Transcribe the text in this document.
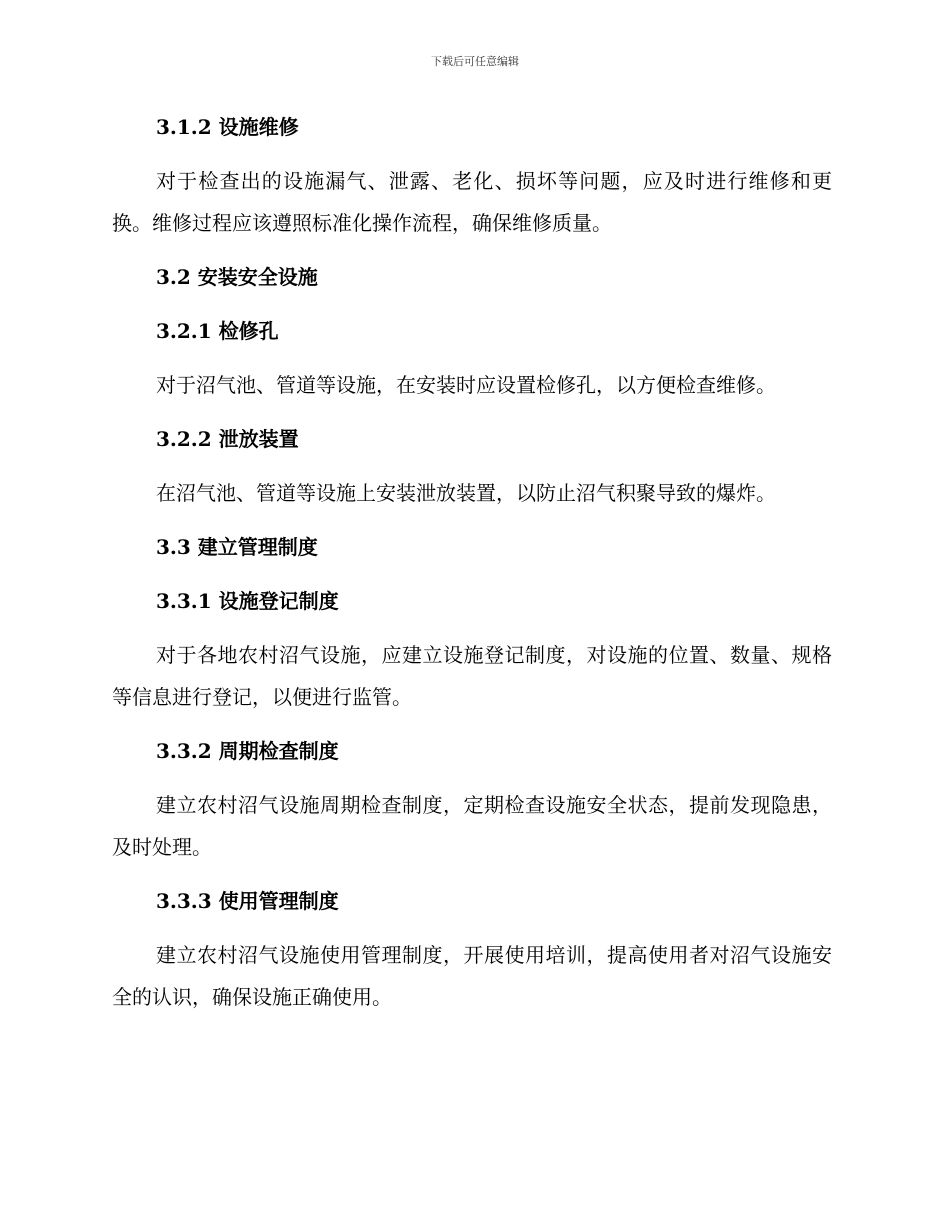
下载后可任意编辑
3.1.2 设施维修
对于检查出的设施漏气、泄露、老化、损坏等问题，应及时进行维修和更换。维修过程应该遵照标准化操作流程，确保维修质量。
3.2 安装安全设施
3.2.1 检修孔
对于沼气池、管道等设施，在安装时应设置检修孔，以方便检查维修。
3.2.2 泄放装置
在沼气池、管道等设施上安装泄放装置，以防止沼气积聚导致的爆炸。
3.3 建立管理制度
3.3.1 设施登记制度
对于各地农村沼气设施，应建立设施登记制度，对设施的位置、数量、规格等信息进行登记，以便进行监管。
3.3.2 周期检查制度
建立农村沼气设施周期检查制度，定期检查设施安全状态，提前发现隐患，及时处理。
3.3.3 使用管理制度
建立农村沼气设施使用管理制度，开展使用培训，提高使用者对沼气设施安全的认识，确保设施正确使用。
